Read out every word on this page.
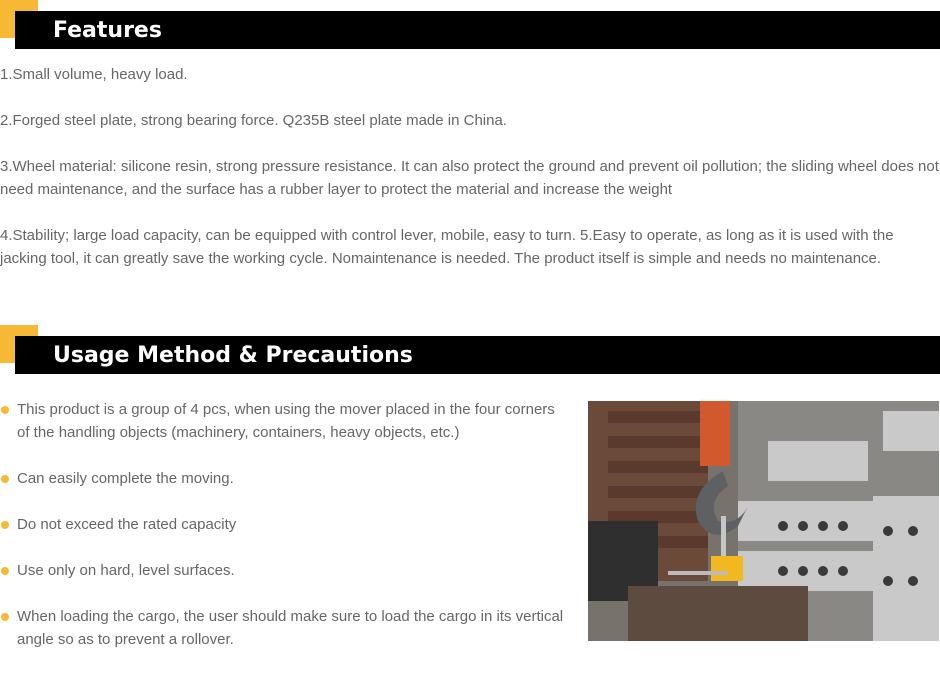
Features

1.Small volume, heavy load.

2.Forged steel plate, strong bearing force. Q235B steel plate made in China.

3.Wheel material: silicone resin, strong pressure resistance. It can also protect the ground and prevent oil pollution; the sliding wheel does not need maintenance, and the surface has a rubber layer to protect the material and increase the weight

4.Stability; large load capacity, can be equipped with control lever, mobile, easy to turn. 5.Easy to operate, as long as it is used with the jacking tool, it can greatly save the working cycle. Nomaintenance is needed. The product itself is simple and needs no maintenance.

Usage Method & Precautions
This product is a group of 4 pcs, when using the mover placed in the four corners of the handling objects (machinery, containers, heavy objects, etc.)
Can easily complete the moving.
Do not exceed the rated capacity
Use only on hard, level surfaces.
When loading the cargo, the user should make sure to load the cargo in its vertical angle so as to prevent a rollover.
